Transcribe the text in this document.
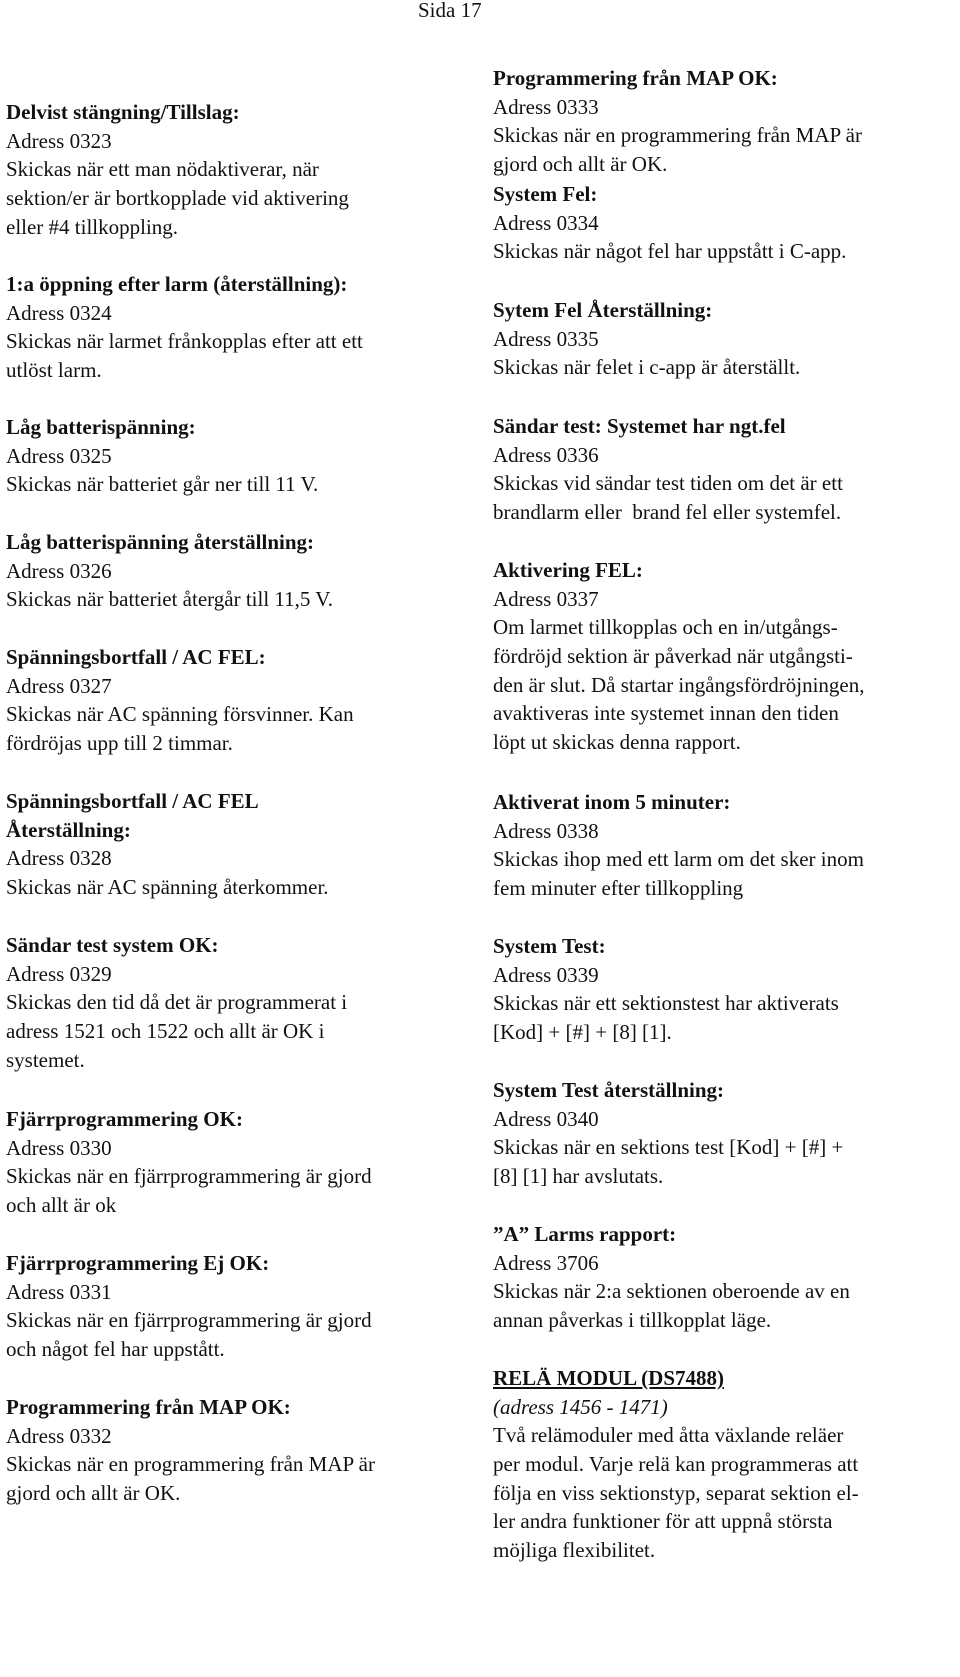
Sida 17
Delvist stängning/Tillslag:
Adress 0323
Skickas när ett man nödaktiverar, när
sektion/er är bortkopplade vid aktivering
eller #4 tillkoppling.
1:a öppning efter larm (återställning):
Adress 0324
Skickas när larmet frånkopplas efter att ett
utlöst larm.
Låg batterispänning:
Adress 0325
Skickas när batteriet går ner till 11 V.
Låg batterispänning återställning:
Adress 0326
Skickas när batteriet återgår till 11,5 V.
Spänningsbortfall / AC FEL:
Adress 0327
Skickas när AC spänning försvinner. Kan
fördröjas upp till 2 timmar.
Spänningsbortfall / AC FEL
Återställning:
Adress 0328
Skickas när AC spänning återkommer.
Sändar test system OK:
Adress 0329
Skickas den tid då det är programmerat i
adress 1521 och 1522 och allt är OK i
systemet.
Fjärrprogrammering OK:
Adress 0330
Skickas när en fjärrprogrammering är gjord
och allt är ok
Fjärrprogrammering Ej OK:
Adress 0331
Skickas när en fjärrprogrammering är gjord
och något fel har uppstått.
Programmering från MAP OK:
Adress 0332
Skickas när en programmering från MAP är
gjord och allt är OK.
Programmering från MAP OK:
Adress 0333
Skickas när en programmering från MAP är
gjord och allt är OK.
System Fel:
Adress 0334
Skickas när något fel har uppstått i C-app.
Sytem Fel Återställning:
Adress 0335
Skickas när felet i c-app är återställt.
Sändar test: Systemet har ngt.fel
Adress 0336
Skickas vid sändar test tiden om det är ett
brandlarm eller  brand fel eller systemfel.
Aktivering FEL:
Adress 0337
Om larmet tillkopplas och en in/utgångs-
fördröjd sektion är påverkad när utgångsti-
den är slut. Då startar ingångsfördröjningen,
avaktiveras inte systemet innan den tiden
löpt ut skickas denna rapport.
Aktiverat inom 5 minuter:
Adress 0338
Skickas ihop med ett larm om det sker inom
fem minuter efter tillkoppling
System Test:
Adress 0339
Skickas när ett sektionstest har aktiverats
[Kod] + [#] + [8] [1].
System Test återställning:
Adress 0340
Skickas när en sektions test [Kod] + [#] +
[8] [1] har avslutats.
”A” Larms rapport:
Adress 3706
Skickas när 2:a sektionen oberoende av en
annan påverkas i tillkopplat läge.
RELÄ MODUL (DS7488)
(adress 1456 - 1471)
Två relämoduler med åtta växlande reläer
per modul. Varje relä kan programmeras att
följa en viss sektionstyp, separat sektion el-
ler andra funktioner för att uppnå största
möjliga flexibilitet.
